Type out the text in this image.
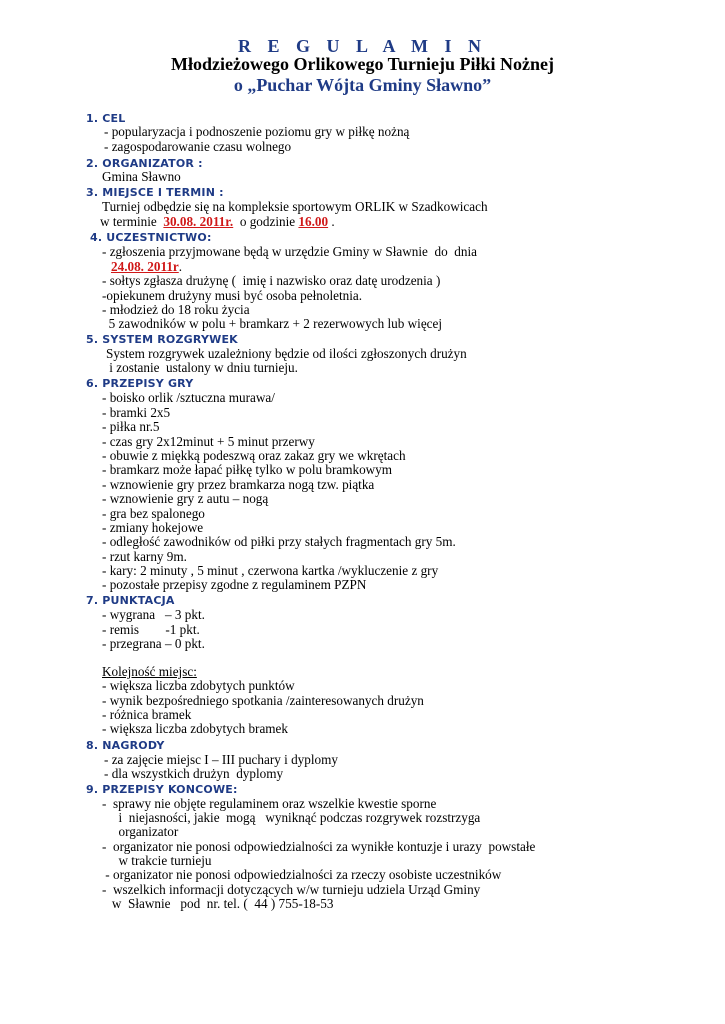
R E G U L A M I N
Młodzieżowego Orlikowego Turnieju Piłki Nożnej
o „Puchar Wójta Gminy Sławno”
1. CEL
- popularyzacja i podnoszenie poziomu gry w piłkę nożną
- zagospodarowanie czasu wolnego
2. ORGANIZATOR :
Gmina Sławno
3. MIEJSCE I TERMIN :
Turniej odbędzie się na kompleksie sportowym ORLIK w Szadkowicach
w terminie  30.08. 2011r.  o godzinie 16.00 .
4. UCZESTNICTWO:
- zgłoszenia przyjmowane będą w urzędzie Gminy w Sławnie  do  dnia
24.08. 2011r.
- sołtys zgłasza drużynę (  imię i nazwisko oraz datę urodzenia )
-opiekunem drużyny musi być osoba pełnoletnia.
- młodzież do 18 roku życia
5 zawodników w polu + bramkarz + 2 rezerwowych lub więcej
5. SYSTEM ROZGRYWEK
System rozgrywek uzależniony będzie od ilości zgłoszonych drużyn
i zostanie  ustalony w dniu turnieju.
6. PRZEPISY GRY
- boisko orlik /sztuczna murawa/
- bramki 2x5
- piłka nr.5
- czas gry 2x12minut + 5 minut przerwy
- obuwie z miękką podeszwą oraz zakaz gry we wkrętach
- bramkarz może łapać piłkę tylko w polu bramkowym
- wznowienie gry przez bramkarza nogą tzw. piątka
- wznowienie gry z autu – nogą
- gra bez spalonego
- zmiany hokejowe
- odległość zawodników od piłki przy stałych fragmentach gry 5m.
- rzut karny 9m.
- kary: 2 minuty , 5 minut , czerwona kartka /wykluczenie z gry
- pozostałe przepisy zgodne z regulaminem PZPN
7. PUNKTACJA
- wygrana   – 3 pkt.
- remis        -1 pkt.
- przegrana – 0 pkt.
Kolejność miejsc:
- większa liczba zdobytych punktów
- wynik bezpośredniego spotkania /zainteresowanych drużyn
- różnica bramek
- większa liczba zdobytych bramek
8. NAGRODY
- za zajęcie miejsc I – III puchary i dyplomy
- dla wszystkich drużyn  dyplomy
9. PRZEPISY KONCOWE:
-  sprawy nie objęte regulaminem oraz wszelkie kwestie sporne
i  niejasności, jakie  mogą   wyniknąć podczas rozgrywek rozstrzyga
organizator
-  organizator nie ponosi odpowiedzialności za wynikłe kontuzje i urazy  powstałe
w trakcie turnieju
- organizator nie ponosi odpowiedzialności za rzeczy osobiste uczestników
-  wszelkich informacji dotyczących w/w turnieju udziela Urząd Gminy
w  Sławnie   pod  nr. tel. (  44 ) 755-18-53
